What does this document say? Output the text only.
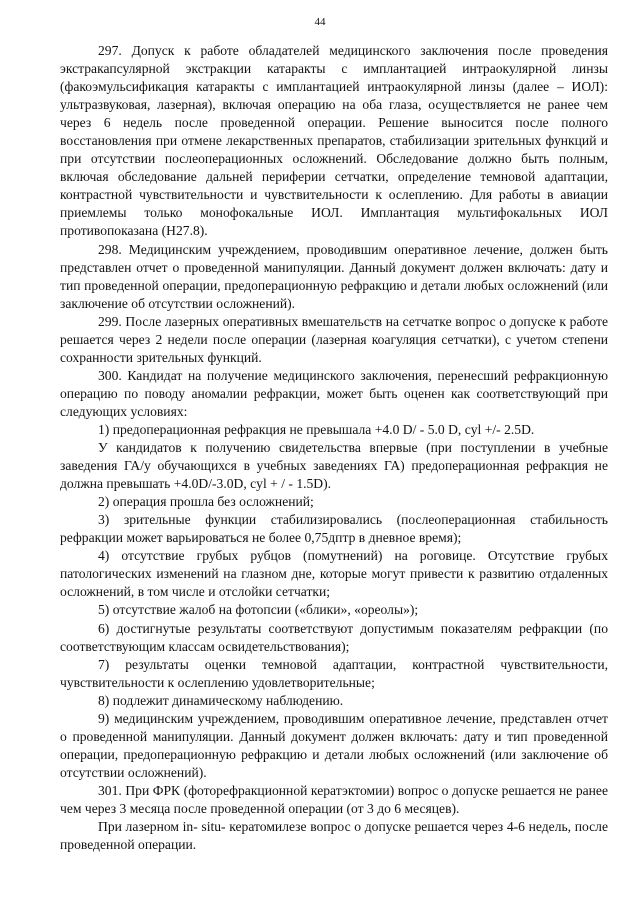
44

297. Допуск к работе обладателей медицинского заключения после проведения экстракапсулярной экстракции катаракты с имплантацией интраокулярной линзы (факоэмульсификация катаракты с имплантацией интраокулярной линзы (далее – ИОЛ): ультразвуковая, лазерная), включая операцию на оба глаза, осуществляется не ранее чем через 6 недель после проведенной операции. Решение выносится после полного восстановления при отмене лекарственных препаратов, стабилизации зрительных функций и при отсутствии послеоперационных осложнений. Обследование должно быть полным, включая обследование дальней периферии сетчатки, определение темновой адаптации, контрастной чувствительности и чувствительности к ослеплению. Для работы в авиации приемлемы только монофокальные ИОЛ. Имплантация мультифокальных ИОЛ противопоказана (H27.8).

298. Медицинским учреждением, проводившим оперативное лечение, должен быть представлен отчет о проведенной манипуляции. Данный документ должен включать: дату и тип проведенной операции, предоперационную рефракцию и детали любых осложнений (или заключение об отсутствии осложнений).

299. После лазерных оперативных вмешательств на сетчатке вопрос о допуске к работе решается через 2 недели после операции (лазерная коагуляция сетчатки), с учетом степени сохранности зрительных функций.

300. Кандидат на получение медицинского заключения, перенесший рефракционную операцию по поводу аномалии рефракции, может быть оценен как соответствующий при следующих условиях:

1) предоперационная рефракция не превышала +4.0 D/ - 5.0 D, cyl +/- 2.5D.

У кандидатов к получению свидетельства впервые (при поступлении в учебные заведения ГА/у обучающихся в учебных заведениях ГА) предоперационная рефракция не должна превышать +4.0D/-3.0D, cyl + / - 1.5D).

2) операция прошла без осложнений;

3) зрительные функции стабилизировались (послеоперационная стабильность рефракции может варьироваться не более 0,75дптр в дневное время);

4) отсутствие грубых рубцов (помутнений) на роговице. Отсутствие грубых патологических изменений на глазном дне, которые могут привести к развитию отдаленных осложнений, в том числе и отслойки сетчатки;

5) отсутствие жалоб на фотопсии («блики», «ореолы»);

6) достигнутые результаты соответствуют допустимым показателям рефракции (по соответствующим классам освидетельствования);

7) результаты оценки темновой адаптации, контрастной чувствительности, чувствительности к ослеплению удовлетворительные;

8) подлежит динамическому наблюдению.

9) медицинским учреждением, проводившим оперативное лечение, представлен отчет о проведенной манипуляции. Данный документ должен включать: дату и тип проведенной операции, предоперационную рефракцию и детали любых осложнений (или заключение об отсутствии осложнений).

301. При ФРК (фоторефракционной кератэктомии) вопрос о допуске решается не ранее чем через 3 месяца после проведенной операции (от 3 до 6 месяцев).

При лазерном in- situ- кератомилезе вопрос о допуске решается через 4-6 недель, после проведенной операции.
